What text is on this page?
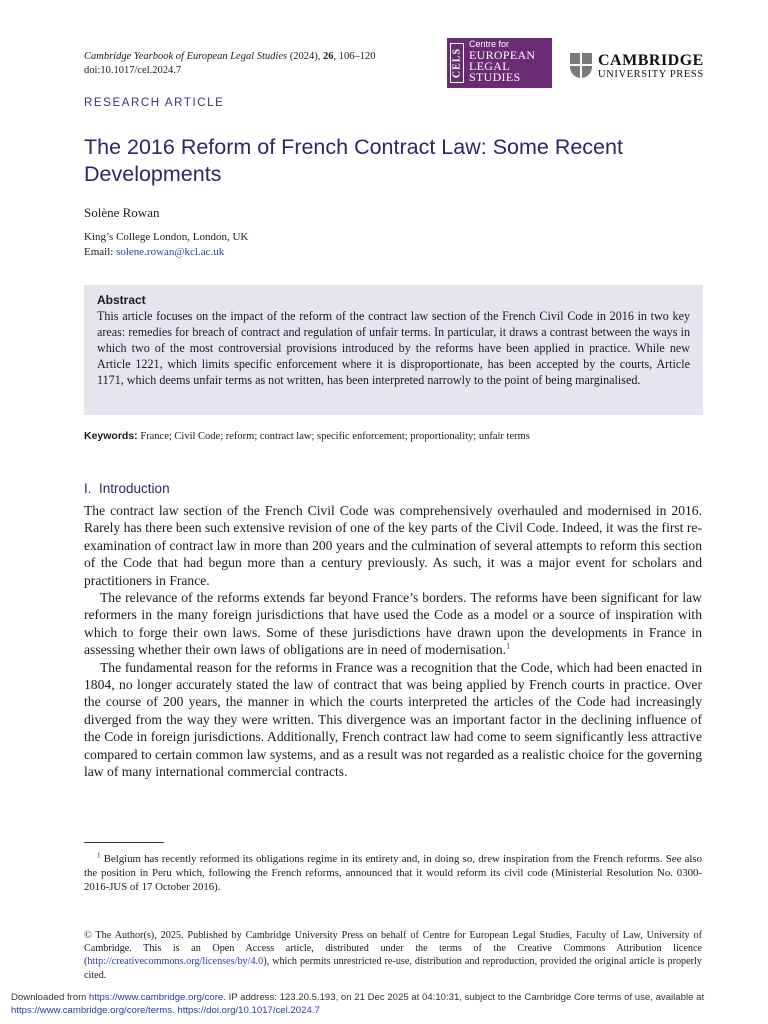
Cambridge Yearbook of European Legal Studies (2024), 26, 106–120
doi:10.1017/cel.2024.7	CELS
Centre for
EUROPEAN
LEGAL
STUDIES
CAMBRIDGE
UNIVERSITY PRESS
RESEARCH ARTICLE
The 2016 Reform of French Contract Law: Some Recent Developments
Solène Rowan
King’s College London, London, UK
Email: solene.rowan@kcl.ac.uk
Abstract

This article focuses on the impact of the reform of the contract law section of the French Civil Code in 2016 in two key areas: remedies for breach of contract and regulation of unfair terms. In particular, it draws a contrast between the ways in which two of the most controversial provisions introduced by the reforms have been applied in practice. While new Article 1221, which limits specific enforcement where it is disproportionate, has been accepted by the courts, Article 1171, which deems unfair terms as not written, has been interpreted narrowly to the point of being marginalised.

Keywords: France; Civil Code; reform; contract law; specific enforcement; proportionality; unfair terms
I. Introduction

The contract law section of the French Civil Code was comprehensively overhauled and modernised in 2016. Rarely has there been such extensive revision of one of the key parts of the Civil Code. Indeed, it was the first re-examination of contract law in more than 200 years and the culmination of several attempts to reform this section of the Code that had begun more than a century previously. As such, it was a major event for scholars and practitioners in France.

The relevance of the reforms extends far beyond France’s borders. The reforms have been significant for law reformers in the many foreign jurisdictions that have used the Code as a model or a source of inspiration with which to forge their own laws. Some of these jurisdictions have drawn upon the developments in France in assessing whether their own laws of obligations are in need of modernisation.$^1$

The fundamental reason for the reforms in France was a recognition that the Code, which had been enacted in 1804, no longer accurately stated the law of contract that was being applied by French courts in practice. Over the course of 200 years, the manner in which the courts interpreted the articles of the Code had increasingly diverged from the way they were written. This divergence was an important factor in the declining influence of the Code in foreign jurisdictions. Additionally, French contract law had come to seem significantly less attractive compared to certain common law systems, and as a result was not regarded as a realistic choice for the governing law of many international commercial contracts.

$^1$ Belgium has recently reformed its obligations regime in its entirety and, in doing so, drew inspiration from the French reforms. See also the position in Peru which, following the French reforms, announced that it would reform its civil code (Ministerial Resolution No. 0300-2016-JUS of 17 October 2016).
© The Author(s), 2025. Published by Cambridge University Press on behalf of Centre for European Legal Studies, Faculty of Law, University of Cambridge. This is an Open Access article, distributed under the terms of the Creative Commons Attribution licence (http://creativecommons.org/licenses/by/4.0), which permits unrestricted re-use, distribution and reproduction, provided the original article is properly cited.
Downloaded from https://www.cambridge.org/core. IP address: 123.20.5.193, on 21 Dec 2025 at 04:10:31, subject to the Cambridge Core terms of use, available at https://www.cambridge.org/core/terms. https://doi.org/10.1017/cel.2024.7
